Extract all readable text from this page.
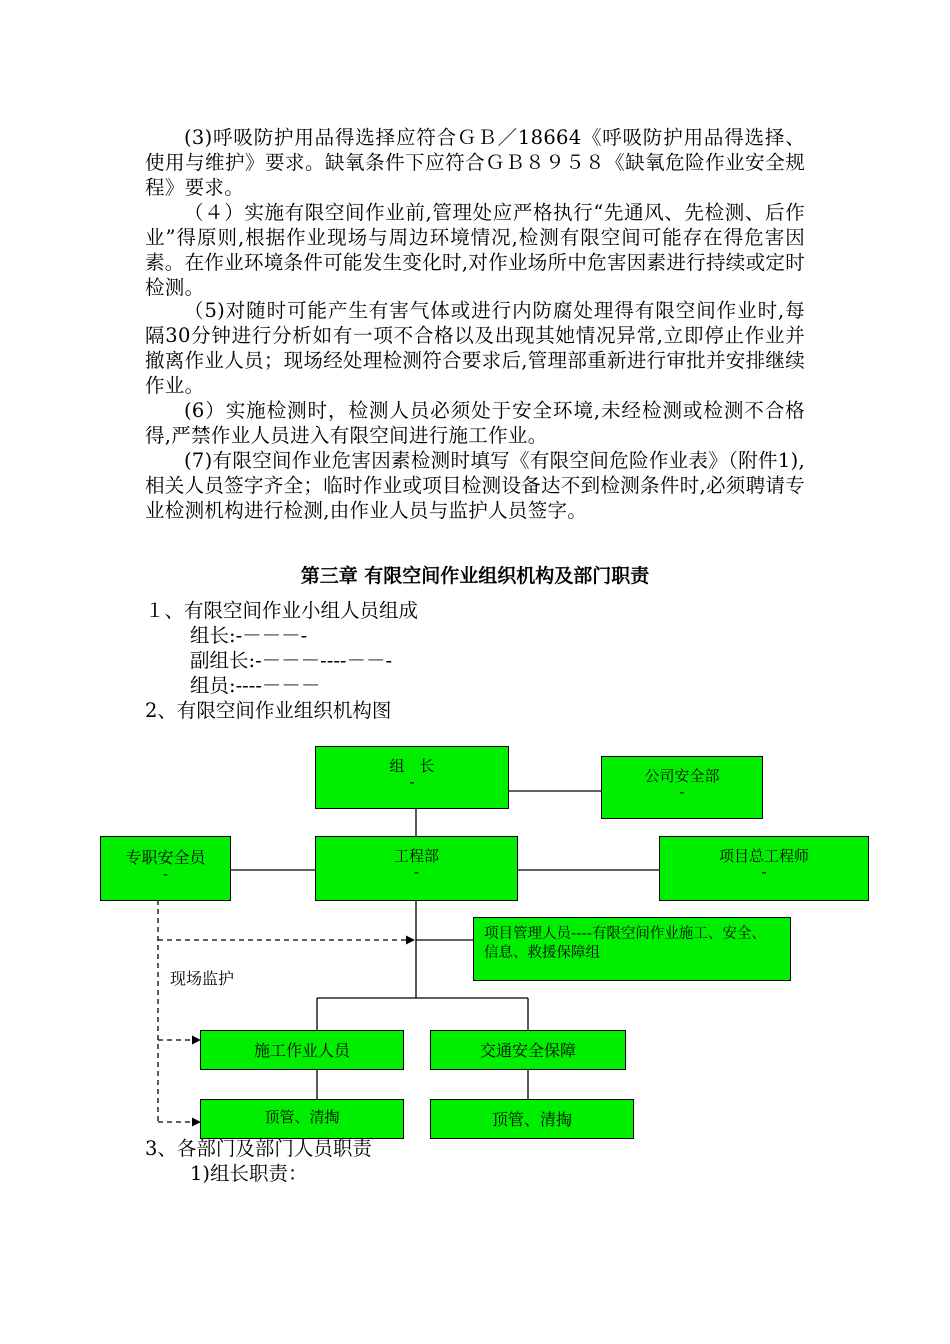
(3)呼吸防护用品得选择应符合ＧＢ／18664《呼吸防护用品得选择、使用与维护》要求。缺氧条件下应符合ＧＢ８９５８《缺氧危险作业安全规程》要求。

（４）实施有限空间作业前,管理处应严格执行“先通风、先检测、后作业”得原则,根据作业现场与周边环境情况,检测有限空间可能存在得危害因素。在作业环境条件可能发生变化时,对作业场所中危害因素进行持续或定时检测。

（5)对随时可能产生有害气体或进行内防腐处理得有限空间作业时,每隔30分钟进行分析如有一项不合格以及出现其她情况异常,立即停止作业并撤离作业人员；现场经处理检测符合要求后,管理部重新进行审批并安排继续作业。

(6）实施检测时，检测人员必须处于安全环境,未经检测或检测不合格得,严禁作业人员进入有限空间进行施工作业。

(7)有限空间作业危害因素检测时填写《有限空间危险作业表》（附件1),相关人员签字齐全；临时作业或项目检测设备达不到检测条件时,必须聘请专业检测机构进行检测,由作业人员与监护人员签字。

第三章 有限空间作业组织机构及部门职责
１、有限空间作业小组人员组成
组长:-－－－-
副组长:-－－－----－－-
组员:----－－－
2、有限空间作业组织机构图
组　长
-	公司安全部
-
专职安全员
-
工程部
-
项目总工程师
-
项目管理人员----有限空间作业施工、安全、信息、救援保障组
现场监护
施工作业人员	交通安全保障
顶管、清掏	顶管、清掏
3、各部门及部门人员职责
1)组长职责：
